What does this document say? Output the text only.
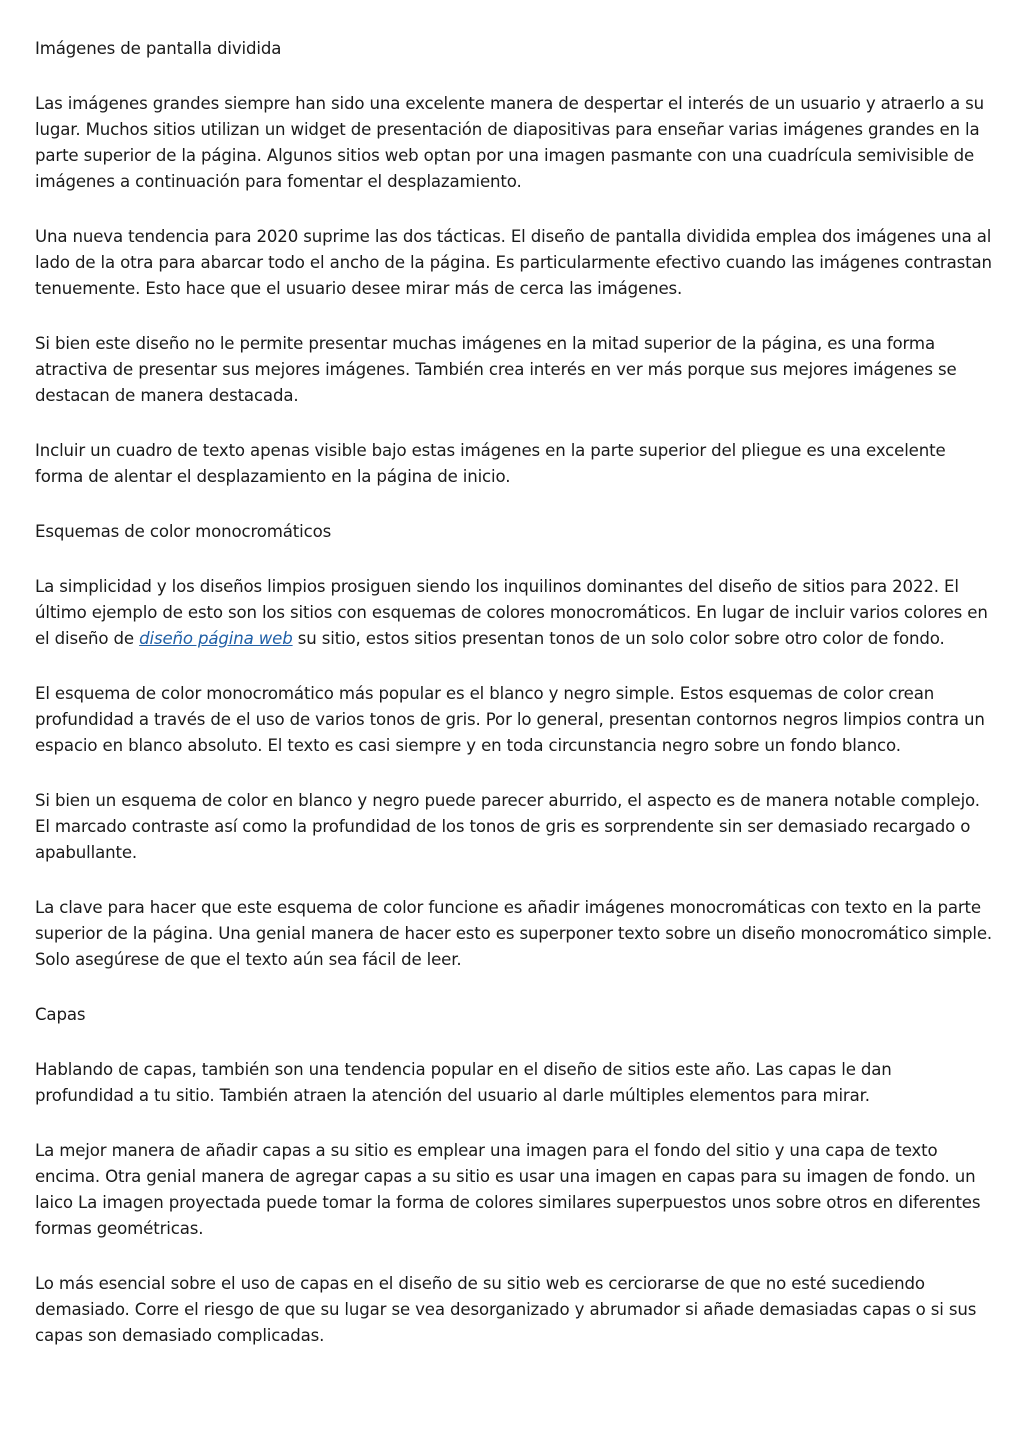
Imágenes de pantalla dividida

Las imágenes grandes siempre han sido una excelente manera de despertar el interés de un usuario y atraerlo a su lugar. Muchos sitios utilizan un widget de presentación de diapositivas para enseñar varias imágenes grandes en la parte superior de la página. Algunos sitios web optan por una imagen pasmante con una cuadrícula semivisible de imágenes a continuación para fomentar el desplazamiento.

Una nueva tendencia para 2020 suprime las dos tácticas. El diseño de pantalla dividida emplea dos imágenes una al lado de la otra para abarcar todo el ancho de la página. Es particularmente efectivo cuando las imágenes contrastan tenuemente. Esto hace que el usuario desee mirar más de cerca las imágenes.

Si bien este diseño no le permite presentar muchas imágenes en la mitad superior de la página, es una forma atractiva de presentar sus mejores imágenes. También crea interés en ver más porque sus mejores imágenes se destacan de manera destacada.

Incluir un cuadro de texto apenas visible bajo estas imágenes en la parte superior del pliegue es una excelente forma de alentar el desplazamiento en la página de inicio.

Esquemas de color monocromáticos

La simplicidad y los diseños limpios prosiguen siendo los inquilinos dominantes del diseño de sitios para 2022. El último ejemplo de esto son los sitios con esquemas de colores monocromáticos. En lugar de incluir varios colores en el diseño de diseño página web su sitio, estos sitios presentan tonos de un solo color sobre otro color de fondo.

El esquema de color monocromático más popular es el blanco y negro simple. Estos esquemas de color crean profundidad a través de el uso de varios tonos de gris. Por lo general, presentan contornos negros limpios contra un espacio en blanco absoluto. El texto es casi siempre y en toda circunstancia negro sobre un fondo blanco.

Si bien un esquema de color en blanco y negro puede parecer aburrido, el aspecto es de manera notable complejo. El marcado contraste así como la profundidad de los tonos de gris es sorprendente sin ser demasiado recargado o apabullante.

La clave para hacer que este esquema de color funcione es añadir imágenes monocromáticas con texto en la parte superior de la página. Una genial manera de hacer esto es superponer texto sobre un diseño monocromático simple. Solo asegúrese de que el texto aún sea fácil de leer.

Capas

Hablando de capas, también son una tendencia popular en el diseño de sitios este año. Las capas le dan profundidad a tu sitio. También atraen la atención del usuario al darle múltiples elementos para mirar.

La mejor manera de añadir capas a su sitio es emplear una imagen para el fondo del sitio y una capa de texto encima. Otra genial manera de agregar capas a su sitio es usar una imagen en capas para su imagen de fondo. un laico La imagen proyectada puede tomar la forma de colores similares superpuestos unos sobre otros en diferentes formas geométricas.

Lo más esencial sobre el uso de capas en el diseño de su sitio web es cerciorarse de que no esté sucediendo demasiado. Corre el riesgo de que su lugar se vea desorganizado y abrumador si añade demasiadas capas o si sus capas son demasiado complicadas.
